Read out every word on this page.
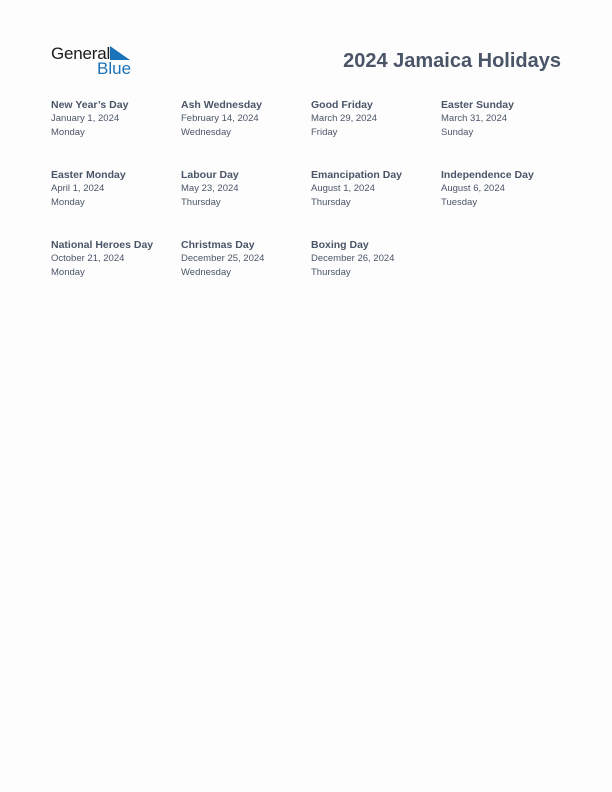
General
Blue	2024 Jamaica Holidays
New Year’s Day
January 1, 2024
Monday
Ash Wednesday
February 14, 2024
Wednesday
Good Friday
March 29, 2024
Friday
Easter Sunday
March 31, 2024
Sunday
Easter Monday
April 1, 2024
Monday
Labour Day
May 23, 2024
Thursday
Emancipation Day
August 1, 2024
Thursday
Independence Day
August 6, 2024
Tuesday
National Heroes Day
October 21, 2024
Monday
Christmas Day
December 25, 2024
Wednesday
Boxing Day
December 26, 2024
Thursday
